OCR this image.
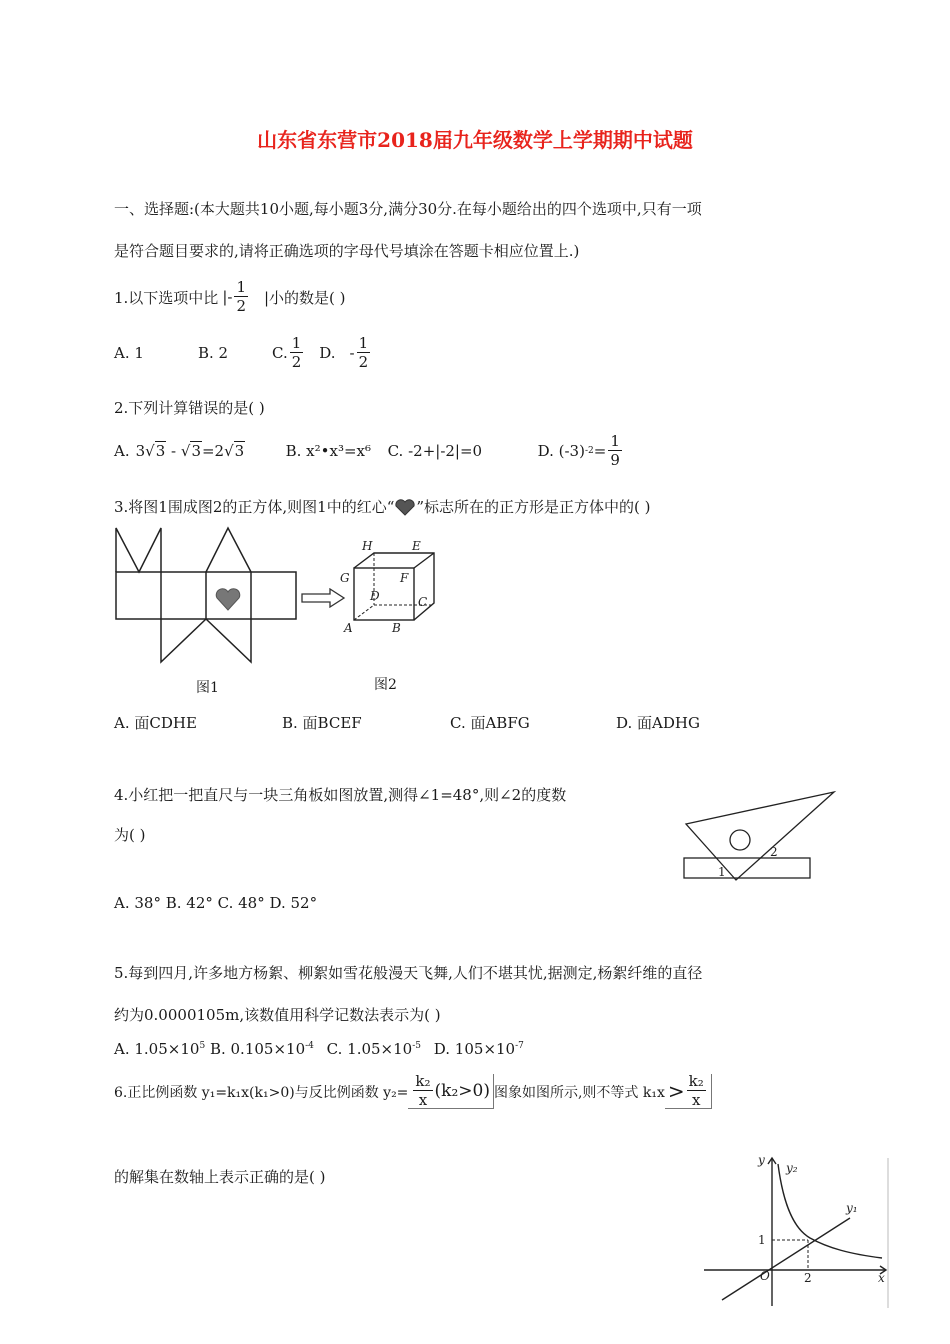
山东省东营市2018届九年级数学上学期期中试题
一、选择题:(本大题共10小题,每小题3分,满分30分.在每小题给出的四个选项中,只有一项
是符合题目要求的,请将正确选项的字母代号填涂在答题卡相应位置上.)
1.以下选项中比 |- $\frac{1}{2}$ |小的数是( )
A. 1	B. 2	C. $\frac{1}{2} D$. - $\frac{1}{2}$
2.下列计算错误的是( )
A. 3√3 - √3=2√3	B. x²•x³=x⁶	C. -2+|-2|=0	D. (-3) $-2 = \frac{1}{9}$
3.将图1围成图2的正方体,则图1中的红心“ ”标志所在的正方形是正方体中的( )
H	E
G	F
D	C
A	B
图1	图2
A. 面CDHE	B. 面BCEF	C. 面ABFG	D. 面ADHG
4.小红把一把直尺与一块三角板如图放置,测得∠1=48°,则∠2的度数
为( )
1
2
A. 38° B. 42° C. 48° D. 52°
5.每到四月,许多地方杨絮、柳絮如雪花般漫天飞舞,人们不堪其忧,据测定,杨絮纤维的直径
约为0.0000105m,该数值用科学记数法表示为( )
A. $1.05\times 10^5$ B. $0.105\times 10^{-4}$ C. $1.05\times 10^{-5}$ D. $105\times 10^{-7}$
6.正比例函数 y₁=k₁x(k₁>0)与反比例函数 $y_2= \frac{\text{k₂}}{x} (k_2>0)$ 图象如图所示,则不等式 $k_1x > \frac{\text{k₂}}{x}$
的解集在数轴上表示正确的是( )
y
y₂
y₁
1
O	2	x
